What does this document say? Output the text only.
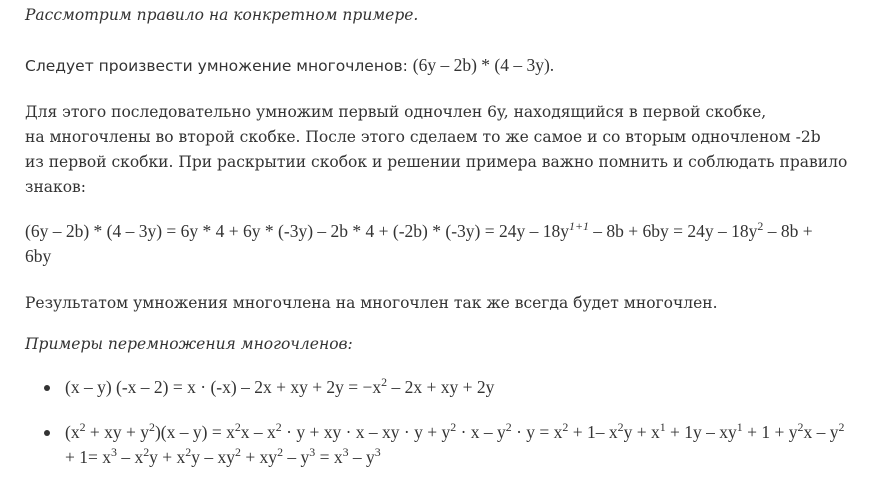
Рассмотрим правило на конкретном примере.

Следует произвести умножение многочленов: (6y – 2b) * (4 – 3y).

Для этого последовательно умножим первый одночлен 6y, находящийся в первой скобке,
на многочлены во второй скобке. После этого сделаем то же самое и со вторым одночленом -2b
из первой скобки. При раскрытии скобок и решении примера важно помнить и соблюдать правило
знаков:

$(6y - 2b) * (4 - 3y) = 6y * 4 + 6y * (-3y) - 2b * 4 + (-2b) * (-3y) = 24y - 18y^{1+1} - 8b + 6by = 24y - 18y^2 - 8b$ +
6by

Результатом умножения многочлена на многочлен так же всегда будет многочлен.

Примеры перемножения многочленов:

(x – y) (-x – 2) = x · (-x) – 2x + xy + $2y = -x^2 - 2x$ + xy + 2y
($x^2$ + xy + $y^2)(x - y) = x^2x - x^2 \cdot y$ + xy · x – xy · $y + y^2 \cdot x - y^2 \cdot y = x^2 + 1-$ $x^2y + x^1 + 1y - xy^1 + 1 + y^2x - y^2$
+ $1= x^3 - x^2y + x^2y - xy^2 + xy^2 - y^3 = x^3 - y^3$
